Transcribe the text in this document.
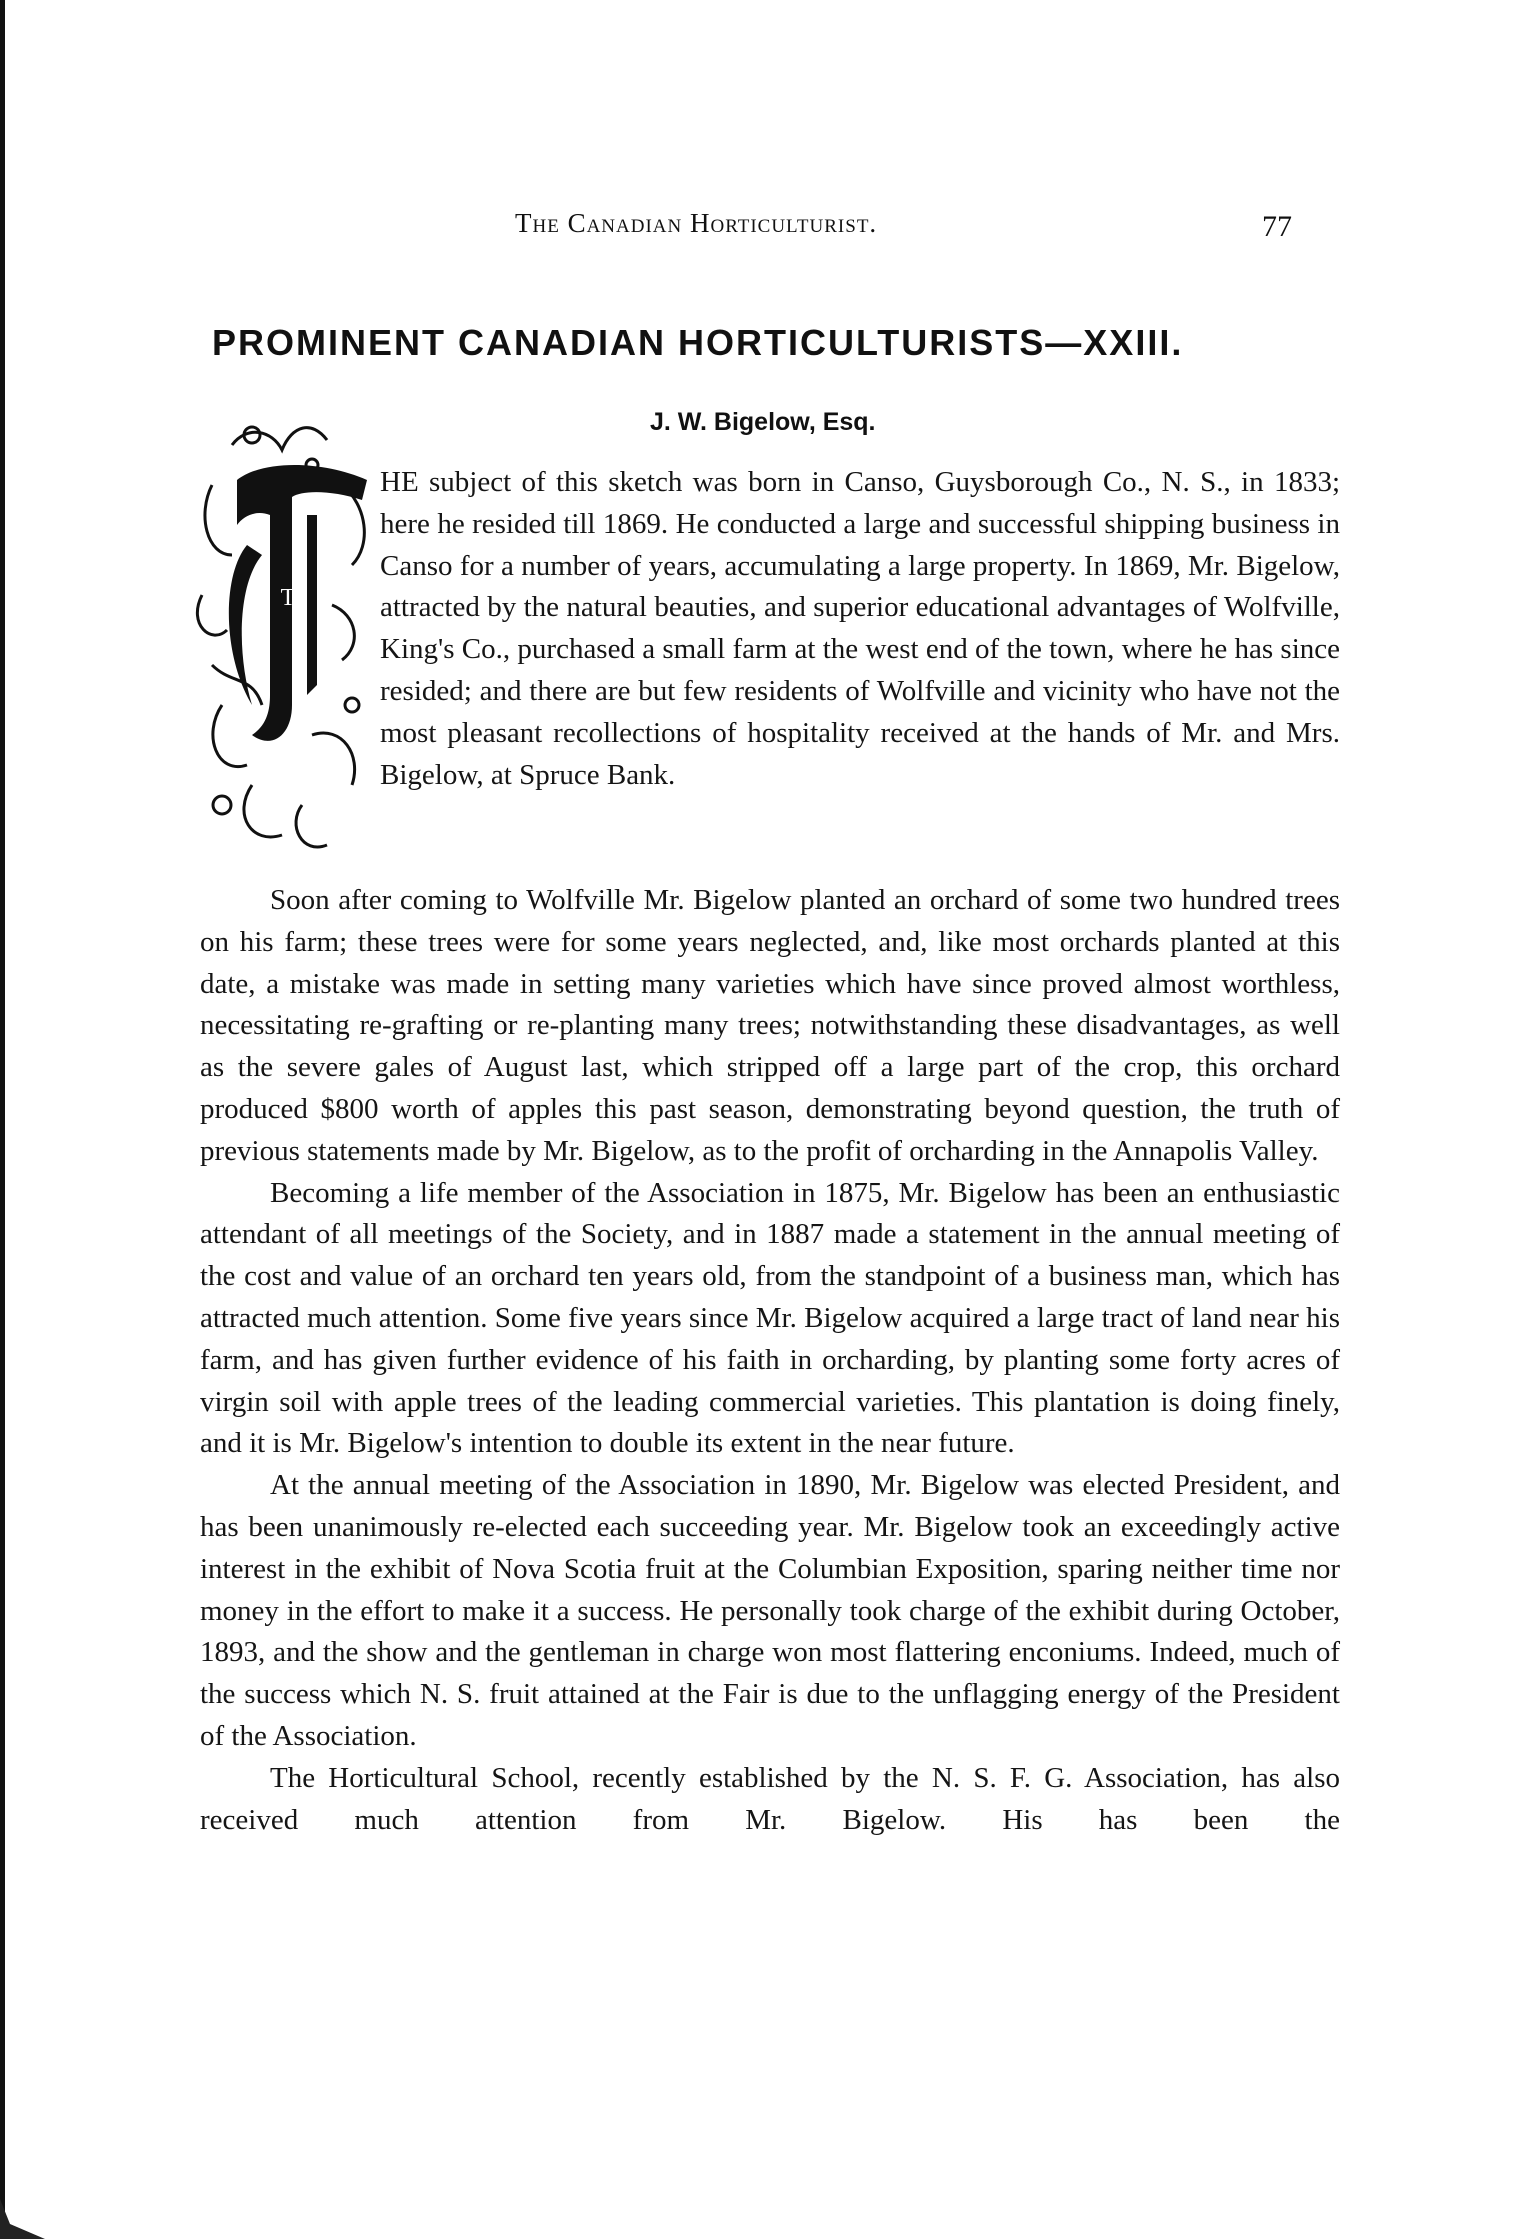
The Canadian Horticulturist.	77
PROMINENT CANADIAN HORTICULTURISTS—XXIII.
J. W. Bigelow, Esq.
T

HE subject of this sketch was born in Canso, Guysborough Co., N. S., in 1833; here he resided till 1869. He conducted a large and successful shipping business in Canso for a number of years, accumulating a large property. In 1869, Mr. Bigelow, attracted by the natural beauties, and superior educational advantages of Wolfville, King's Co., purchased a small farm at the west end of the town, where he has since resided; and there are but few residents of Wolfville and vicinity who have not the most pleasant recollections of hospitality received at the hands of Mr. and Mrs. Bigelow, at Spruce Bank.

Soon after coming to Wolfville Mr. Bigelow planted an orchard of some two hundred trees on his farm; these trees were for some years neglected, and, like most orchards planted at this date, a mistake was made in setting many varieties which have since proved almost worthless, necessitating re-grafting or re-planting many trees; notwithstanding these disadvantages, as well as the severe gales of August last, which stripped off a large part of the crop, this orchard produced $800 worth of apples this past season, demonstrating beyond question, the truth of previous statements made by Mr. Bigelow, as to the profit of orcharding in the Annapolis Valley.

Becoming a life member of the Association in 1875, Mr. Bigelow has been an enthusiastic attendant of all meetings of the Society, and in 1887 made a statement in the annual meeting of the cost and value of an orchard ten years old, from the standpoint of a business man, which has attracted much attention. Some five years since Mr. Bigelow acquired a large tract of land near his farm, and has given further evidence of his faith in orcharding, by planting some forty acres of virgin soil with apple trees of the leading commercial varieties. This plantation is doing finely, and it is Mr. Bigelow's intention to double its extent in the near future.

At the annual meeting of the Association in 1890, Mr. Bigelow was elected President, and has been unanimously re-elected each succeeding year. Mr. Bigelow took an exceedingly active interest in the exhibit of Nova Scotia fruit at the Columbian Exposition, sparing neither time nor money in the effort to make it a success. He personally took charge of the exhibit during October, 1893, and the show and the gentleman in charge won most flattering enconiums. Indeed, much of the success which N. S. fruit attained at the Fair is due to the unflagging energy of the President of the Association.

The Horticultural School, recently established by the N. S. F. G. Association, has also received much attention from Mr. Bigelow. His has been the
